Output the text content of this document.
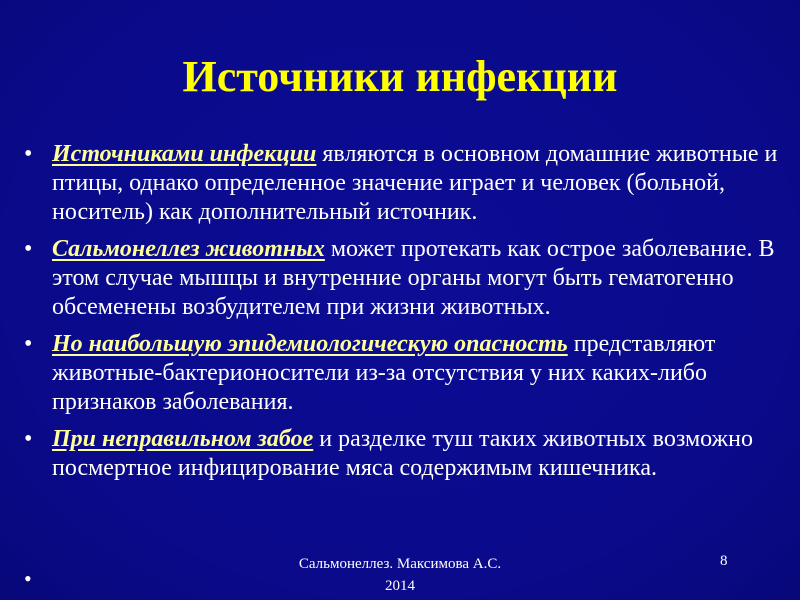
Источники инфекции
• Источниками инфекции являются в основном домашние животные и птицы, однако определенное значение играет и человек (больной, носитель) как дополнительный источник.
• Сальмонеллез животных может протекать как острое заболевание. В этом случае мышцы и внутренние органы могут быть гематогенно обсеменены возбудителем при жизни животных.
• Но наибольшую эпидемиологическую опасность представляют животные-бактерионосители из-за отсутствия у них каких-либо признаков заболевания.
• При неправильном забое и разделке туш таких животных возможно посмертное инфицирование мяса содержимым кишечника.
Сальмонеллез. Максимова А.С.
2014
8
•
